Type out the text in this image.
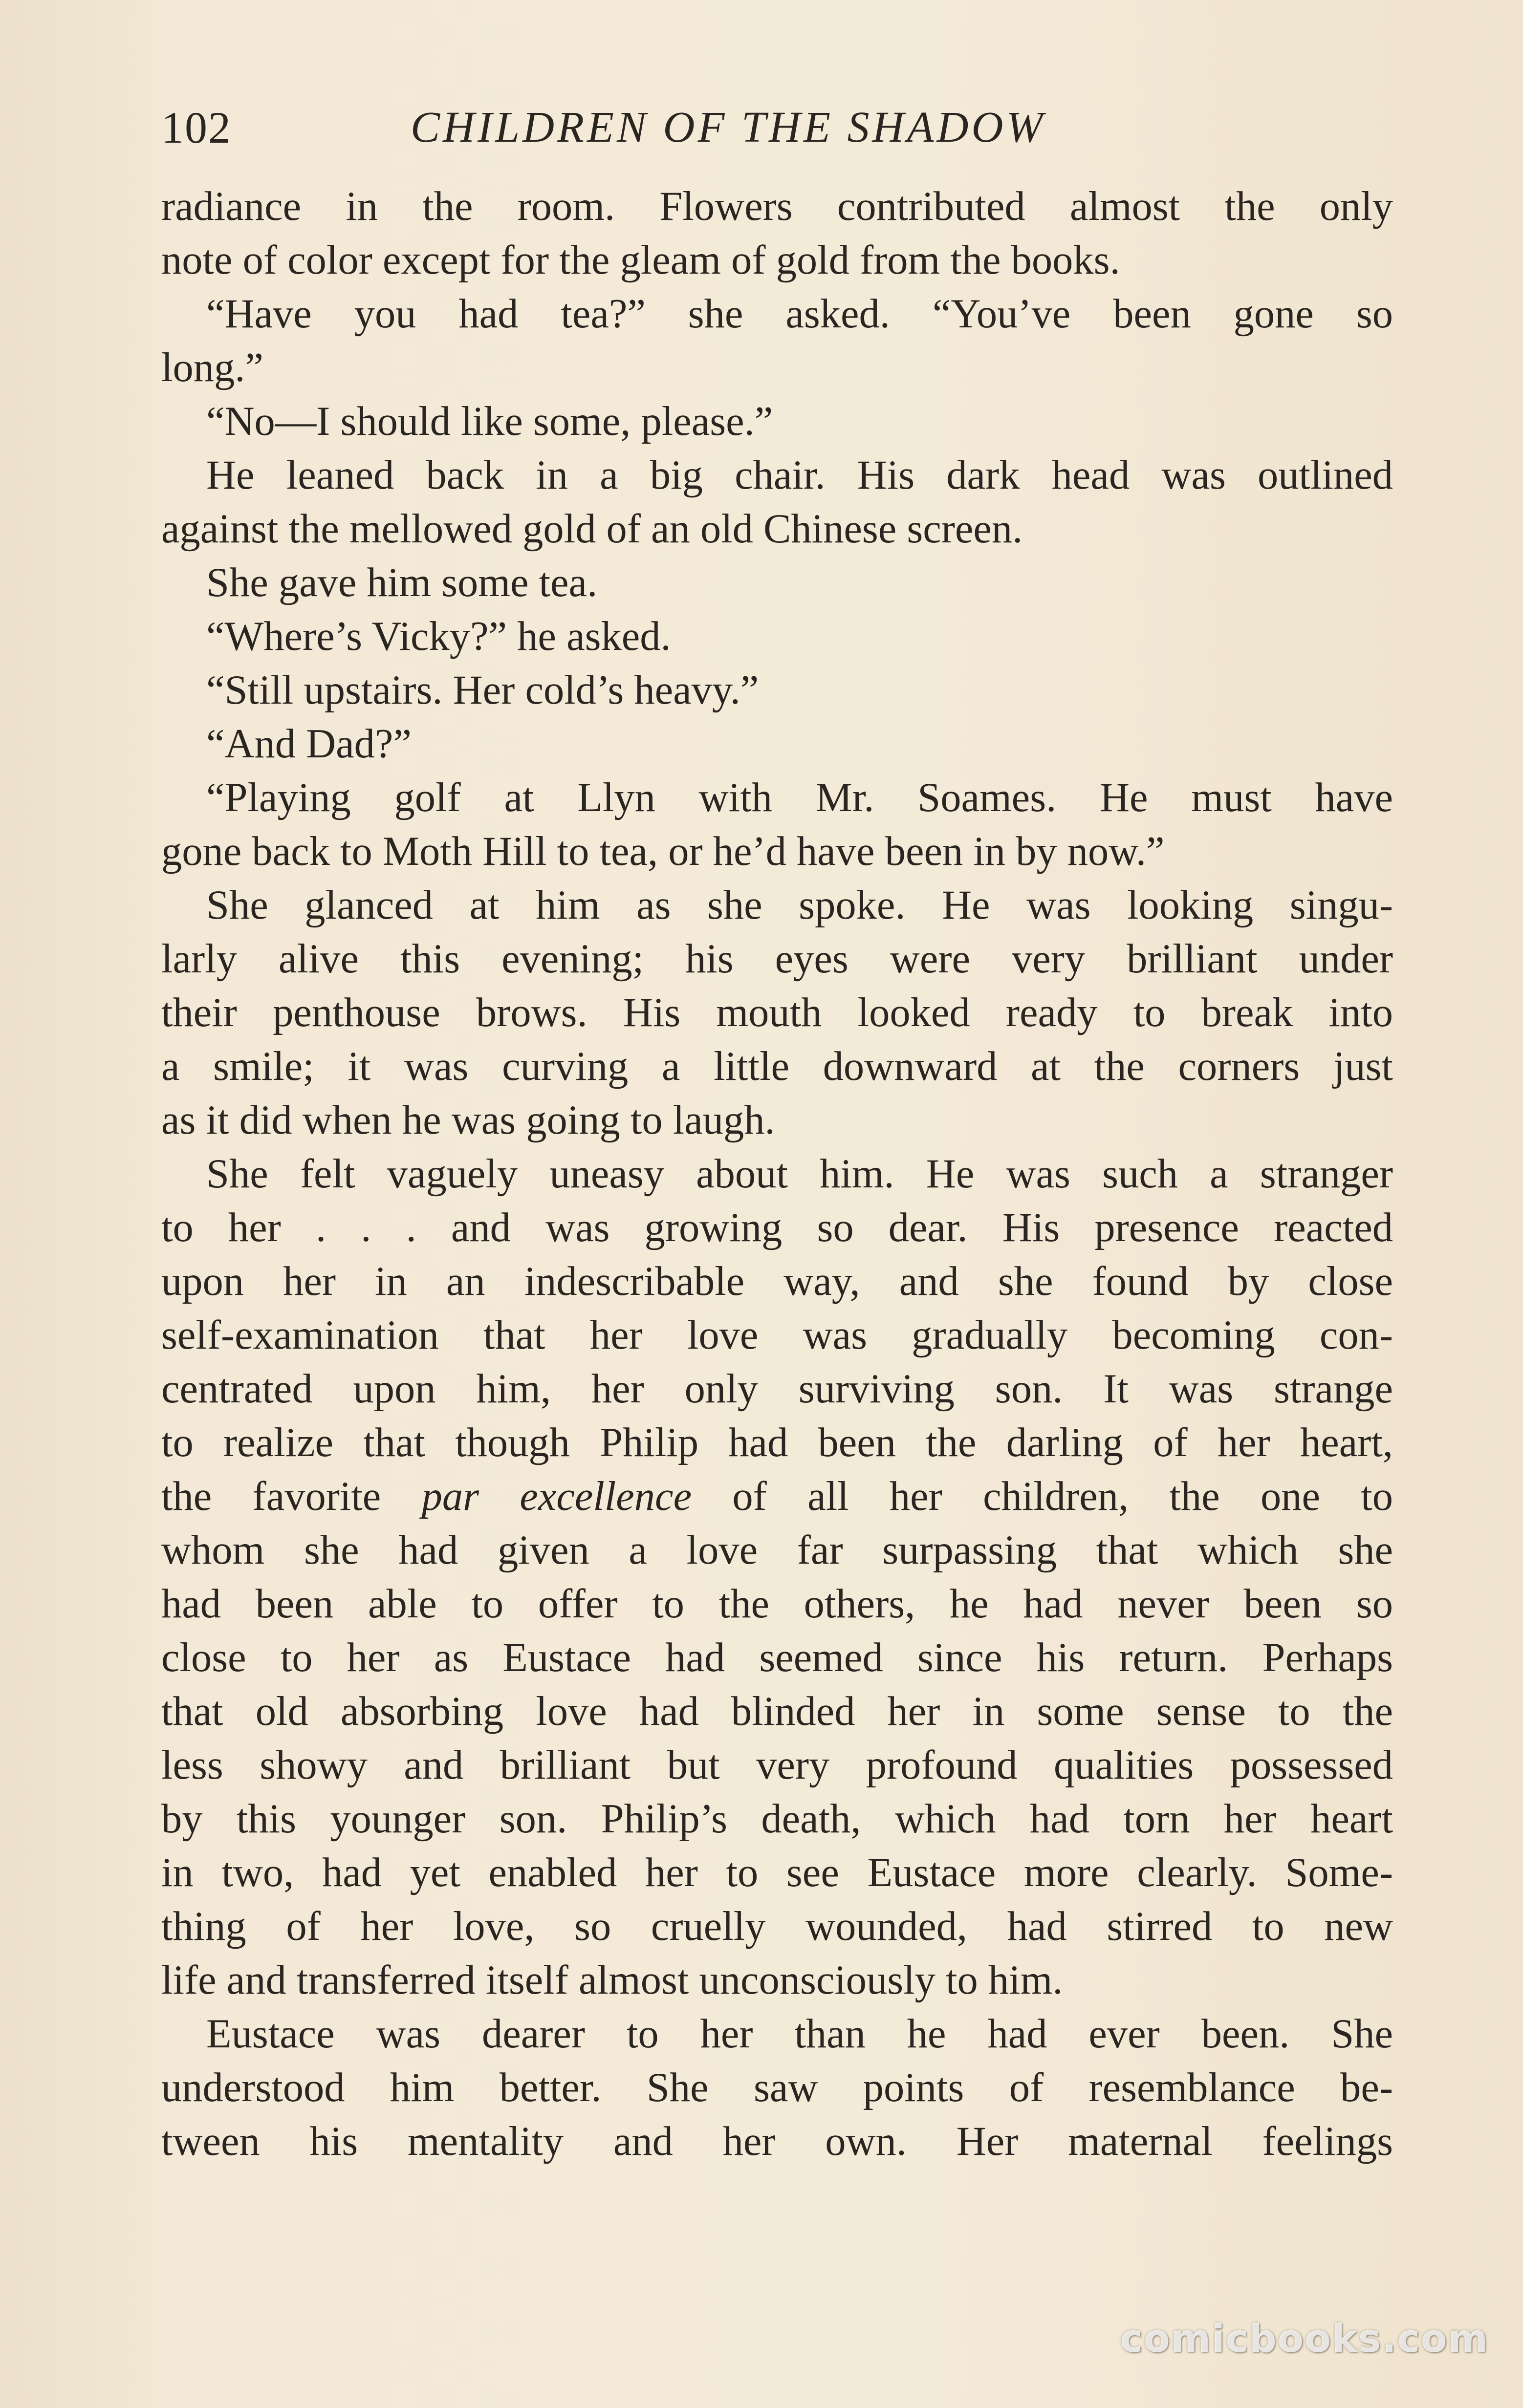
102	CHILDREN OF THE SHADOW
radiance in the room. Flowers contributed almost the only
note of color except for the gleam of gold from the books.
“Have you had tea?” she asked. “You’ve been gone so
long.”
“No—I should like some, please.”
He leaned back in a big chair. His dark head was outlined
against the mellowed gold of an old Chinese screen.
She gave him some tea.
“Where’s Vicky?” he asked.
“Still upstairs. Her cold’s heavy.”
“And Dad?”
“Playing golf at Llyn with Mr. Soames. He must have
gone back to Moth Hill to tea, or he’d have been in by now.”
She glanced at him as she spoke. He was looking singu-
larly alive this evening; his eyes were very brilliant under
their penthouse brows. His mouth looked ready to break into
a smile; it was curving a little downward at the corners just
as it did when he was going to laugh.
She felt vaguely uneasy about him. He was such a stranger
to her . . . and was growing so dear. His presence reacted
upon her in an indescribable way, and she found by close
self-examination that her love was gradually becoming con-
centrated upon him, her only surviving son. It was strange
to realize that though Philip had been the darling of her heart,
the favorite par excellence of all her children, the one to
whom she had given a love far surpassing that which she
had been able to offer to the others, he had never been so
close to her as Eustace had seemed since his return. Perhaps
that old absorbing love had blinded her in some sense to the
less showy and brilliant but very profound qualities possessed
by this younger son. Philip’s death, which had torn her heart
in two, had yet enabled her to see Eustace more clearly. Some-
thing of her love, so cruelly wounded, had stirred to new
life and transferred itself almost unconsciously to him.
Eustace was dearer to her than he had ever been. She
understood him better. She saw points of resemblance be-
tween his mentality and her own. Her maternal feelings
comicbooks.com
